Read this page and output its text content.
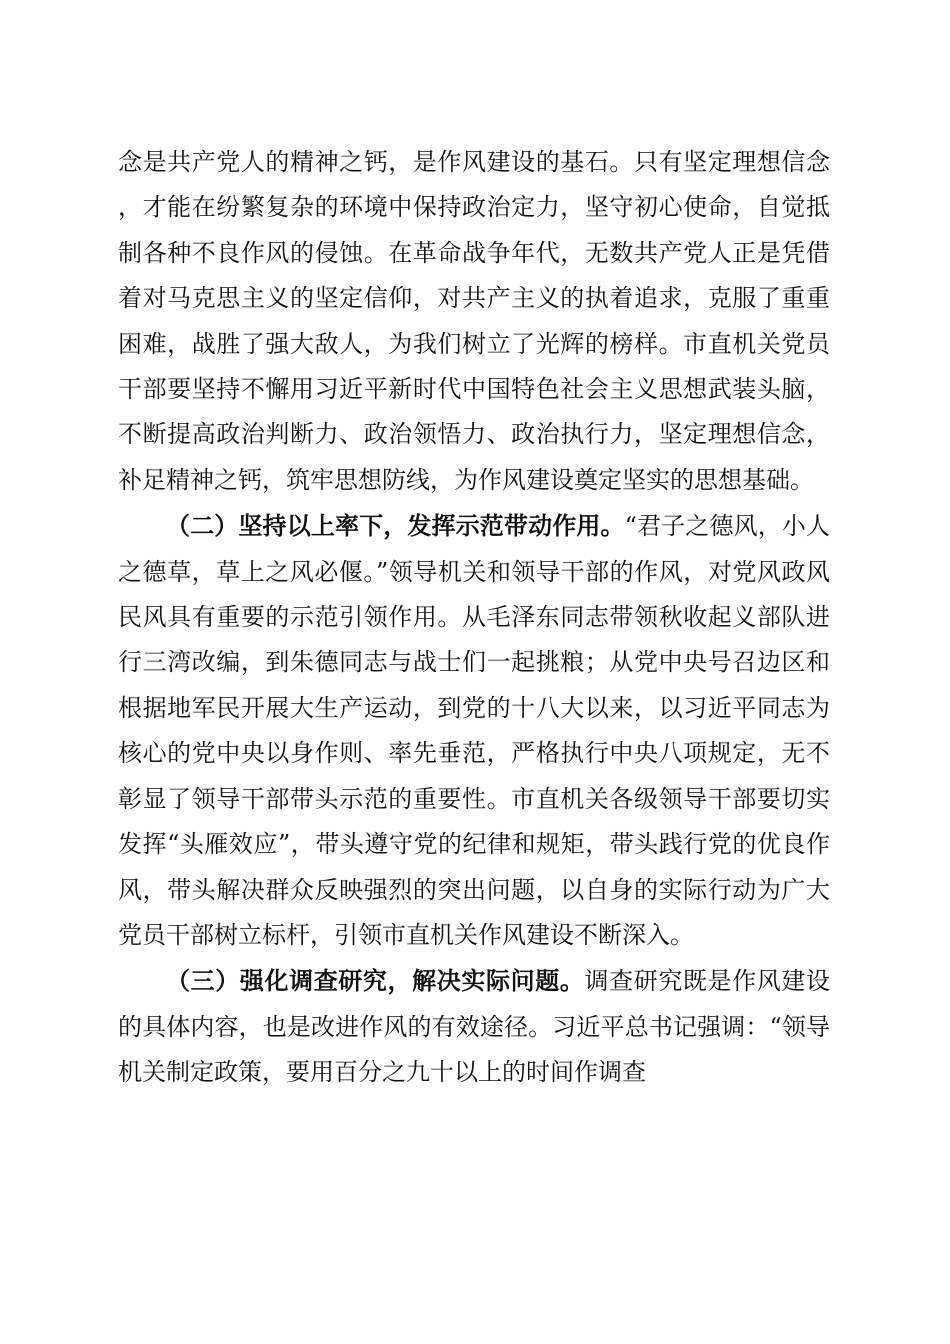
念是共产党人的精神之钙，是作风建设的基石。只有坚定理想信念，才能在纷繁复杂的环境中保持政治定力，坚守初心使命，自觉抵制各种不良作风的侵蚀。在革命战争年代，无数共产党人正是凭借着对马克思主义的坚定信仰，对共产主义的执着追求，克服了重重困难，战胜了强大敌人，为我们树立了光辉的榜样。市直机关党员干部要坚持不懈用习近平新时代中国特色社会主义思想武装头脑，不断提高政治判断力、政治领悟力、政治执行力，坚定理想信念，补足精神之钙，筑牢思想防线，为作风建设奠定坚实的思想基础。

（二）坚持以上率下，发挥示范带动作用。“君子之德风，小人之德草，草上之风必偃。”领导机关和领导干部的作风，对党风政风民风具有重要的示范引领作用。从毛泽东同志带领秋收起义部队进行三湾改编，到朱德同志与战士们一起挑粮；从党中央号召边区和根据地军民开展大生产运动，到党的十八大以来，以习近平同志为核心的党中央以身作则、率先垂范，严格执行中央八项规定，无不彰显了领导干部带头示范的重要性。市直机关各级领导干部要切实发挥“头雁效应”，带头遵守党的纪律和规矩，带头践行党的优良作风，带头解决群众反映强烈的突出问题，以自身的实际行动为广大党员干部树立标杆，引领市直机关作风建设不断深入。

（三）强化调查研究，解决实际问题。调查研究既是作风建设的具体内容，也是改进作风的有效途径。习近平总书记强调：“领导机关制定政策，要用百分之九十以上的时间作调查
